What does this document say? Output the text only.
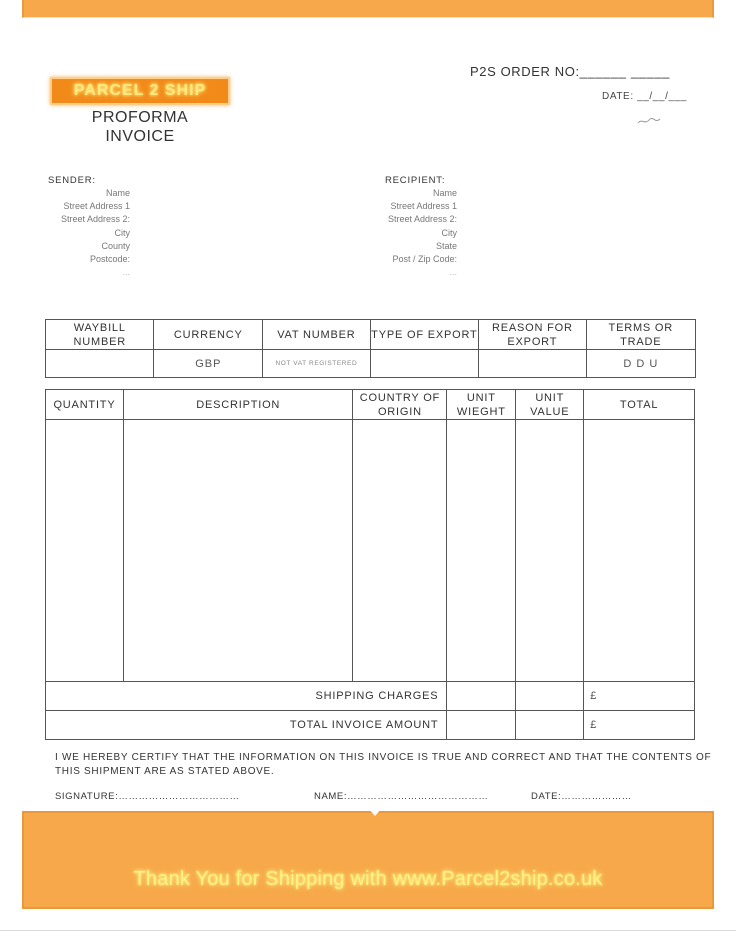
PARCEL 2 SHIP
PROFORMA
INVOICE
P2S ORDER NO:______ _____
DATE: __/__/___
SENDER:
Name
Street Address 1
Street Address 2:
City
County
Postcode:
...
RECIPIENT:
Name
Street Address 1
Street Address 2:
City
State
Post / Zip Code:
...
WAYBILL NUMBER	CURRENCY	VAT NUMBER	TYPE OF EXPORT	REASON FOR EXPORT	TERMS OR TRADE
	GBP	NOT VAT REGISTERED			D D U
QUANTITY	DESCRIPTION	COUNTRY OF ORIGIN	UNIT WIEGHT	UNIT VALUE	TOTAL

SHIPPING CHARGES					£
TOTAL INVOICE AMOUNT					£
I WE HEREBY CERTIFY THAT THE INFORMATION ON THIS INVOICE IS TRUE AND CORRECT AND THAT THE CONTENTS OF THIS SHIPMENT ARE AS STATED ABOVE.
SIGNATURE:………………………………	NAME:……………………………………	DATE:…………………
Thank You for Shipping with www.Parcel2ship.co.uk
